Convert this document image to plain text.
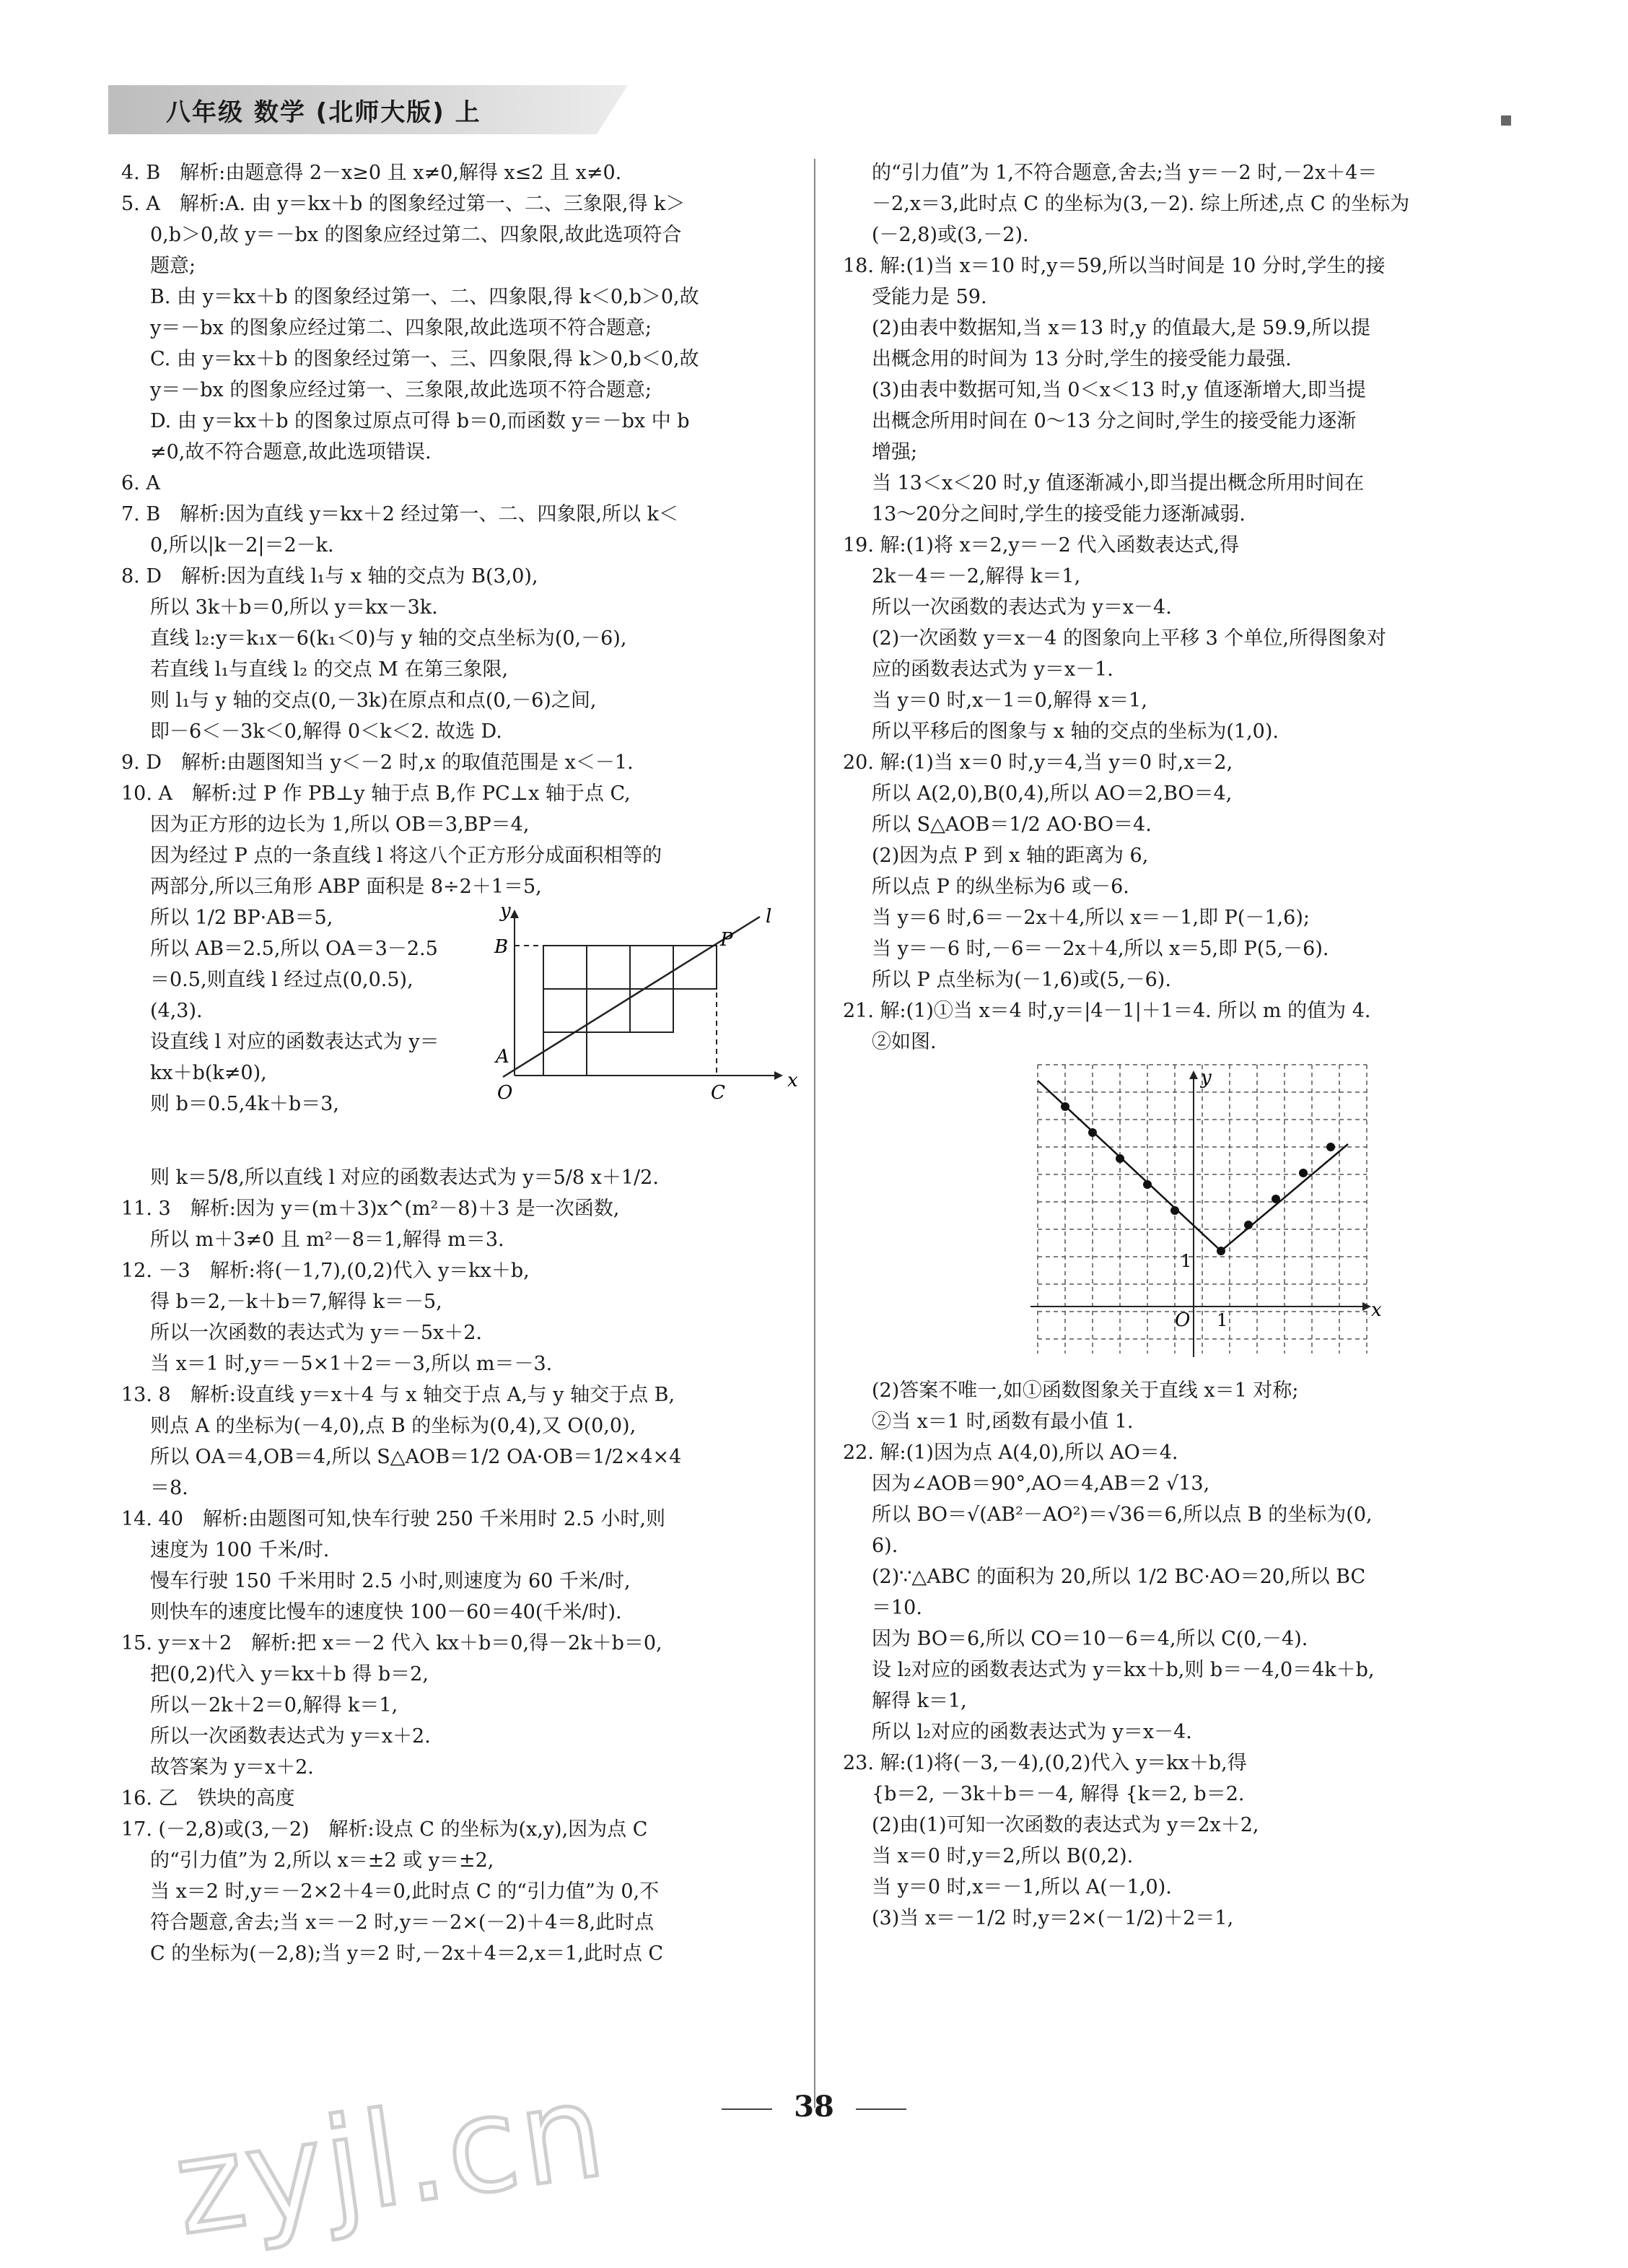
八年级 数学 (北师大版) 上

4. B　解析:由题意得 2－x≥0 且 x≠0,解得 x≤2 且 x≠0.

5. A　解析:A. 由 y＝kx＋b 的图象经过第一、二、三象限,得 k＞

0,b＞0,故 y＝－bx 的图象应经过第二、四象限,故此选项符合

题意;

B. 由 y＝kx＋b 的图象经过第一、二、四象限,得 k＜0,b＞0,故

y＝－bx 的图象应经过第二、四象限,故此选项不符合题意;

C. 由 y＝kx＋b 的图象经过第一、三、四象限,得 k＞0,b＜0,故

y＝－bx 的图象应经过第一、三象限,故此选项不符合题意;

D. 由 y＝kx＋b 的图象过原点可得 b＝0,而函数 y＝－bx 中 b

≠0,故不符合题意,故此选项错误.

6. A

7. B　解析:因为直线 y＝kx＋2 经过第一、二、四象限,所以 k＜

0,所以|k－2|＝2－k.

8. D　解析:因为直线 l₁与 x 轴的交点为 B(3,0),

所以 3k＋b＝0,所以 y＝kx－3k.

直线 l₂:y＝k₁x－6(k₁＜0)与 y 轴的交点坐标为(0,－6),

若直线 l₁与直线 l₂ 的交点 M 在第三象限,

则 l₁与 y 轴的交点(0,－3k)在原点和点(0,－6)之间,

即－6＜－3k＜0,解得 0＜k＜2. 故选 D.

9. D　解析:由题图知当 y＜－2 时,x 的取值范围是 x＜－1.

10. A　解析:过 P 作 PB⊥y 轴于点 B,作 PC⊥x 轴于点 C,

因为正方形的边长为 1,所以 OB＝3,BP＝4,

因为经过 P 点的一条直线 l 将这八个正方形分成面积相等的

两部分,所以三角形 ABP 面积是 8÷2＋1＝5,

所以 1/2 BP·AB＝5,

所以 AB＝2.5,所以 OA＝3－2.5

＝0.5,则直线 l 经过点(0,0.5),

(4,3).

设直线 l 对应的函数表达式为 y＝

kx＋b(k≠0),

则 b＝0.5,4k＋b＝3,

y
x
l
B	P
A
O	C

则 k＝5/8,所以直线 l 对应的函数表达式为 y＝5/8 x＋1/2.

11. 3　解析:因为 y＝(m＋3)x^(m²－8)＋3 是一次函数,

所以 m＋3≠0 且 m²－8＝1,解得 m＝3.

12. －3　解析:将(－1,7),(0,2)代入 y＝kx＋b,

得 b＝2,－k＋b＝7,解得 k＝－5,

所以一次函数的表达式为 y＝－5x＋2.

当 x＝1 时,y＝－5×1＋2＝－3,所以 m＝－3.

13. 8　解析:设直线 y＝x＋4 与 x 轴交于点 A,与 y 轴交于点 B,

则点 A 的坐标为(－4,0),点 B 的坐标为(0,4),又 O(0,0),

所以 OA＝4,OB＝4,所以 S△AOB＝1/2 OA·OB＝1/2×4×4

＝8.

14. 40　解析:由题图可知,快车行驶 250 千米用时 2.5 小时,则

速度为 100 千米/时.

慢车行驶 150 千米用时 2.5 小时,则速度为 60 千米/时,

则快车的速度比慢车的速度快 100－60＝40(千米/时).

15. y＝x＋2　解析:把 x＝－2 代入 kx＋b＝0,得－2k＋b＝0,

把(0,2)代入 y＝kx＋b 得 b＝2,

所以－2k＋2＝0,解得 k＝1,

所以一次函数表达式为 y＝x＋2.

故答案为 y＝x＋2.

16. 乙　铁块的高度

17. (－2,8)或(3,－2)　解析:设点 C 的坐标为(x,y),因为点 C

的“引力值”为 2,所以 x＝±2 或 y＝±2,

当 x＝2 时,y＝－2×2＋4＝0,此时点 C 的“引力值”为 0,不

符合题意,舍去;当 x＝－2 时,y＝－2×(－2)＋4＝8,此时点

C 的坐标为(－2,8);当 y＝2 时,－2x＋4＝2,x＝1,此时点 C

的“引力值”为 1,不符合题意,舍去;当 y＝－2 时,－2x＋4＝

－2,x＝3,此时点 C 的坐标为(3,－2). 综上所述,点 C 的坐标为

(－2,8)或(3,－2).

18. 解:(1)当 x＝10 时,y＝59,所以当时间是 10 分时,学生的接

受能力是 59.

(2)由表中数据知,当 x＝13 时,y 的值最大,是 59.9,所以提

出概念用的时间为 13 分时,学生的接受能力最强.

(3)由表中数据可知,当 0＜x＜13 时,y 值逐渐增大,即当提

出概念所用时间在 0～13 分之间时,学生的接受能力逐渐

增强;

当 13＜x＜20 时,y 值逐渐减小,即当提出概念所用时间在

13～20分之间时,学生的接受能力逐渐减弱.

19. 解:(1)将 x＝2,y＝－2 代入函数表达式,得

2k－4＝－2,解得 k＝1,

所以一次函数的表达式为 y＝x－4.

(2)一次函数 y＝x－4 的图象向上平移 3 个单位,所得图象对

应的函数表达式为 y＝x－1.

当 y＝0 时,x－1＝0,解得 x＝1,

所以平移后的图象与 x 轴的交点的坐标为(1,0).

20. 解:(1)当 x＝0 时,y＝4,当 y＝0 时,x＝2,

所以 A(2,0),B(0,4),所以 AO＝2,BO＝4,

所以 S△AOB＝1/2 AO·BO＝4.

(2)因为点 P 到 x 轴的距离为 6,

所以点 P 的纵坐标为6 或－6.

当 y＝6 时,6＝－2x＋4,所以 x＝－1,即 P(－1,6);

当 y＝－6 时,－6＝－2x＋4,所以 x＝5,即 P(5,－6).

所以 P 点坐标为(－1,6)或(5,－6).

21. 解:(1)①当 x＝4 时,y＝|4－1|＋1＝4. 所以 m 的值为 4.

②如图.

y
x
O
1
1

(2)答案不唯一,如①函数图象关于直线 x＝1 对称;

②当 x＝1 时,函数有最小值 1.

22. 解:(1)因为点 A(4,0),所以 AO＝4.

因为∠AOB＝90°,AO＝4,AB＝2 √13,

所以 BO＝√(AB²－AO²)＝√36＝6,所以点 B 的坐标为(0,

6).

(2)∵△ABC 的面积为 20,所以 1/2 BC·AO＝20,所以 BC

＝10.

因为 BO＝6,所以 CO＝10－6＝4,所以 C(0,－4).

设 l₂对应的函数表达式为 y＝kx＋b,则 b＝－4,0＝4k＋b,

解得 k＝1,

所以 l₂对应的函数表达式为 y＝x－4.

23. 解:(1)将(－3,－4),(0,2)代入 y＝kx＋b,得

{b＝2, －3k＋b＝－4, 解得 {k＝2, b＝2.

(2)由(1)可知一次函数的表达式为 y＝2x＋2,

当 x＝0 时,y＝2,所以 B(0,2).

当 y＝0 时,x＝－1,所以 A(－1,0).

(3)当 x＝－1/2 时,y＝2×(－1/2)＋2＝1,

38
zyjl.cn
